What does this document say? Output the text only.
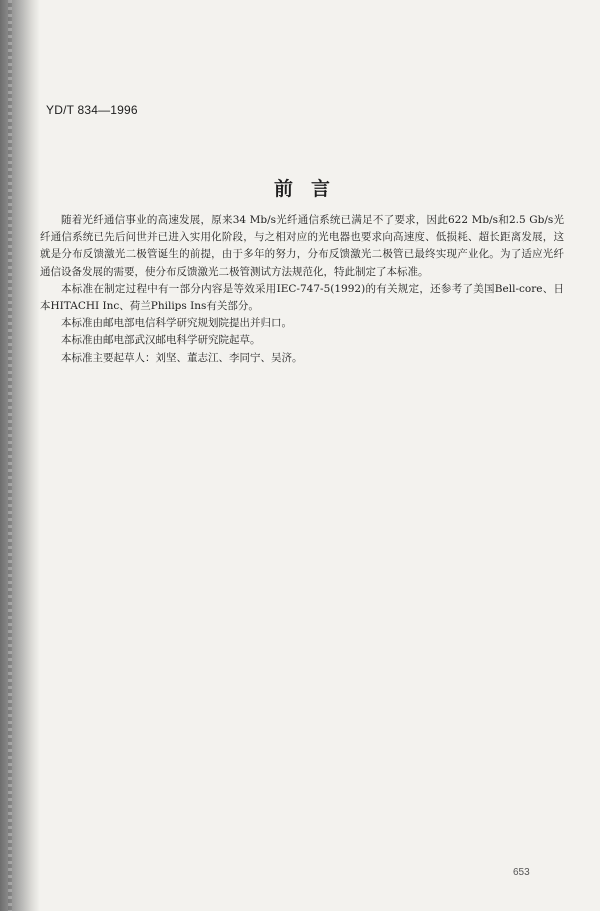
YD/T 834—1996
前言

随着光纤通信事业的高速发展，原来34 Mb/s光纤通信系统已满足不了要求，因此622 Mb/s和2.5 Gb/s光纤通信系统已先后问世并已进入实用化阶段，与之相对应的光电器也要求向高速度、低损耗、超长距离发展，这就是分布反馈激光二极管诞生的前提，由于多年的努力，分布反馈激光二极管已最终实现产业化。为了适应光纤通信设备发展的需要，使分布反馈激光二极管测试方法规范化，特此制定了本标准。

本标准在制定过程中有一部分内容是等效采用IEC-747-5(1992)的有关规定，还参考了美国Bell-core、日本HITACHI Inc、荷兰Philips Ins有关部分。

本标准由邮电部电信科学研究规划院提出并归口。

本标准由邮电部武汉邮电科学研究院起草。

本标准主要起草人：刘坚、董志江、李同宁、吴济。

653
